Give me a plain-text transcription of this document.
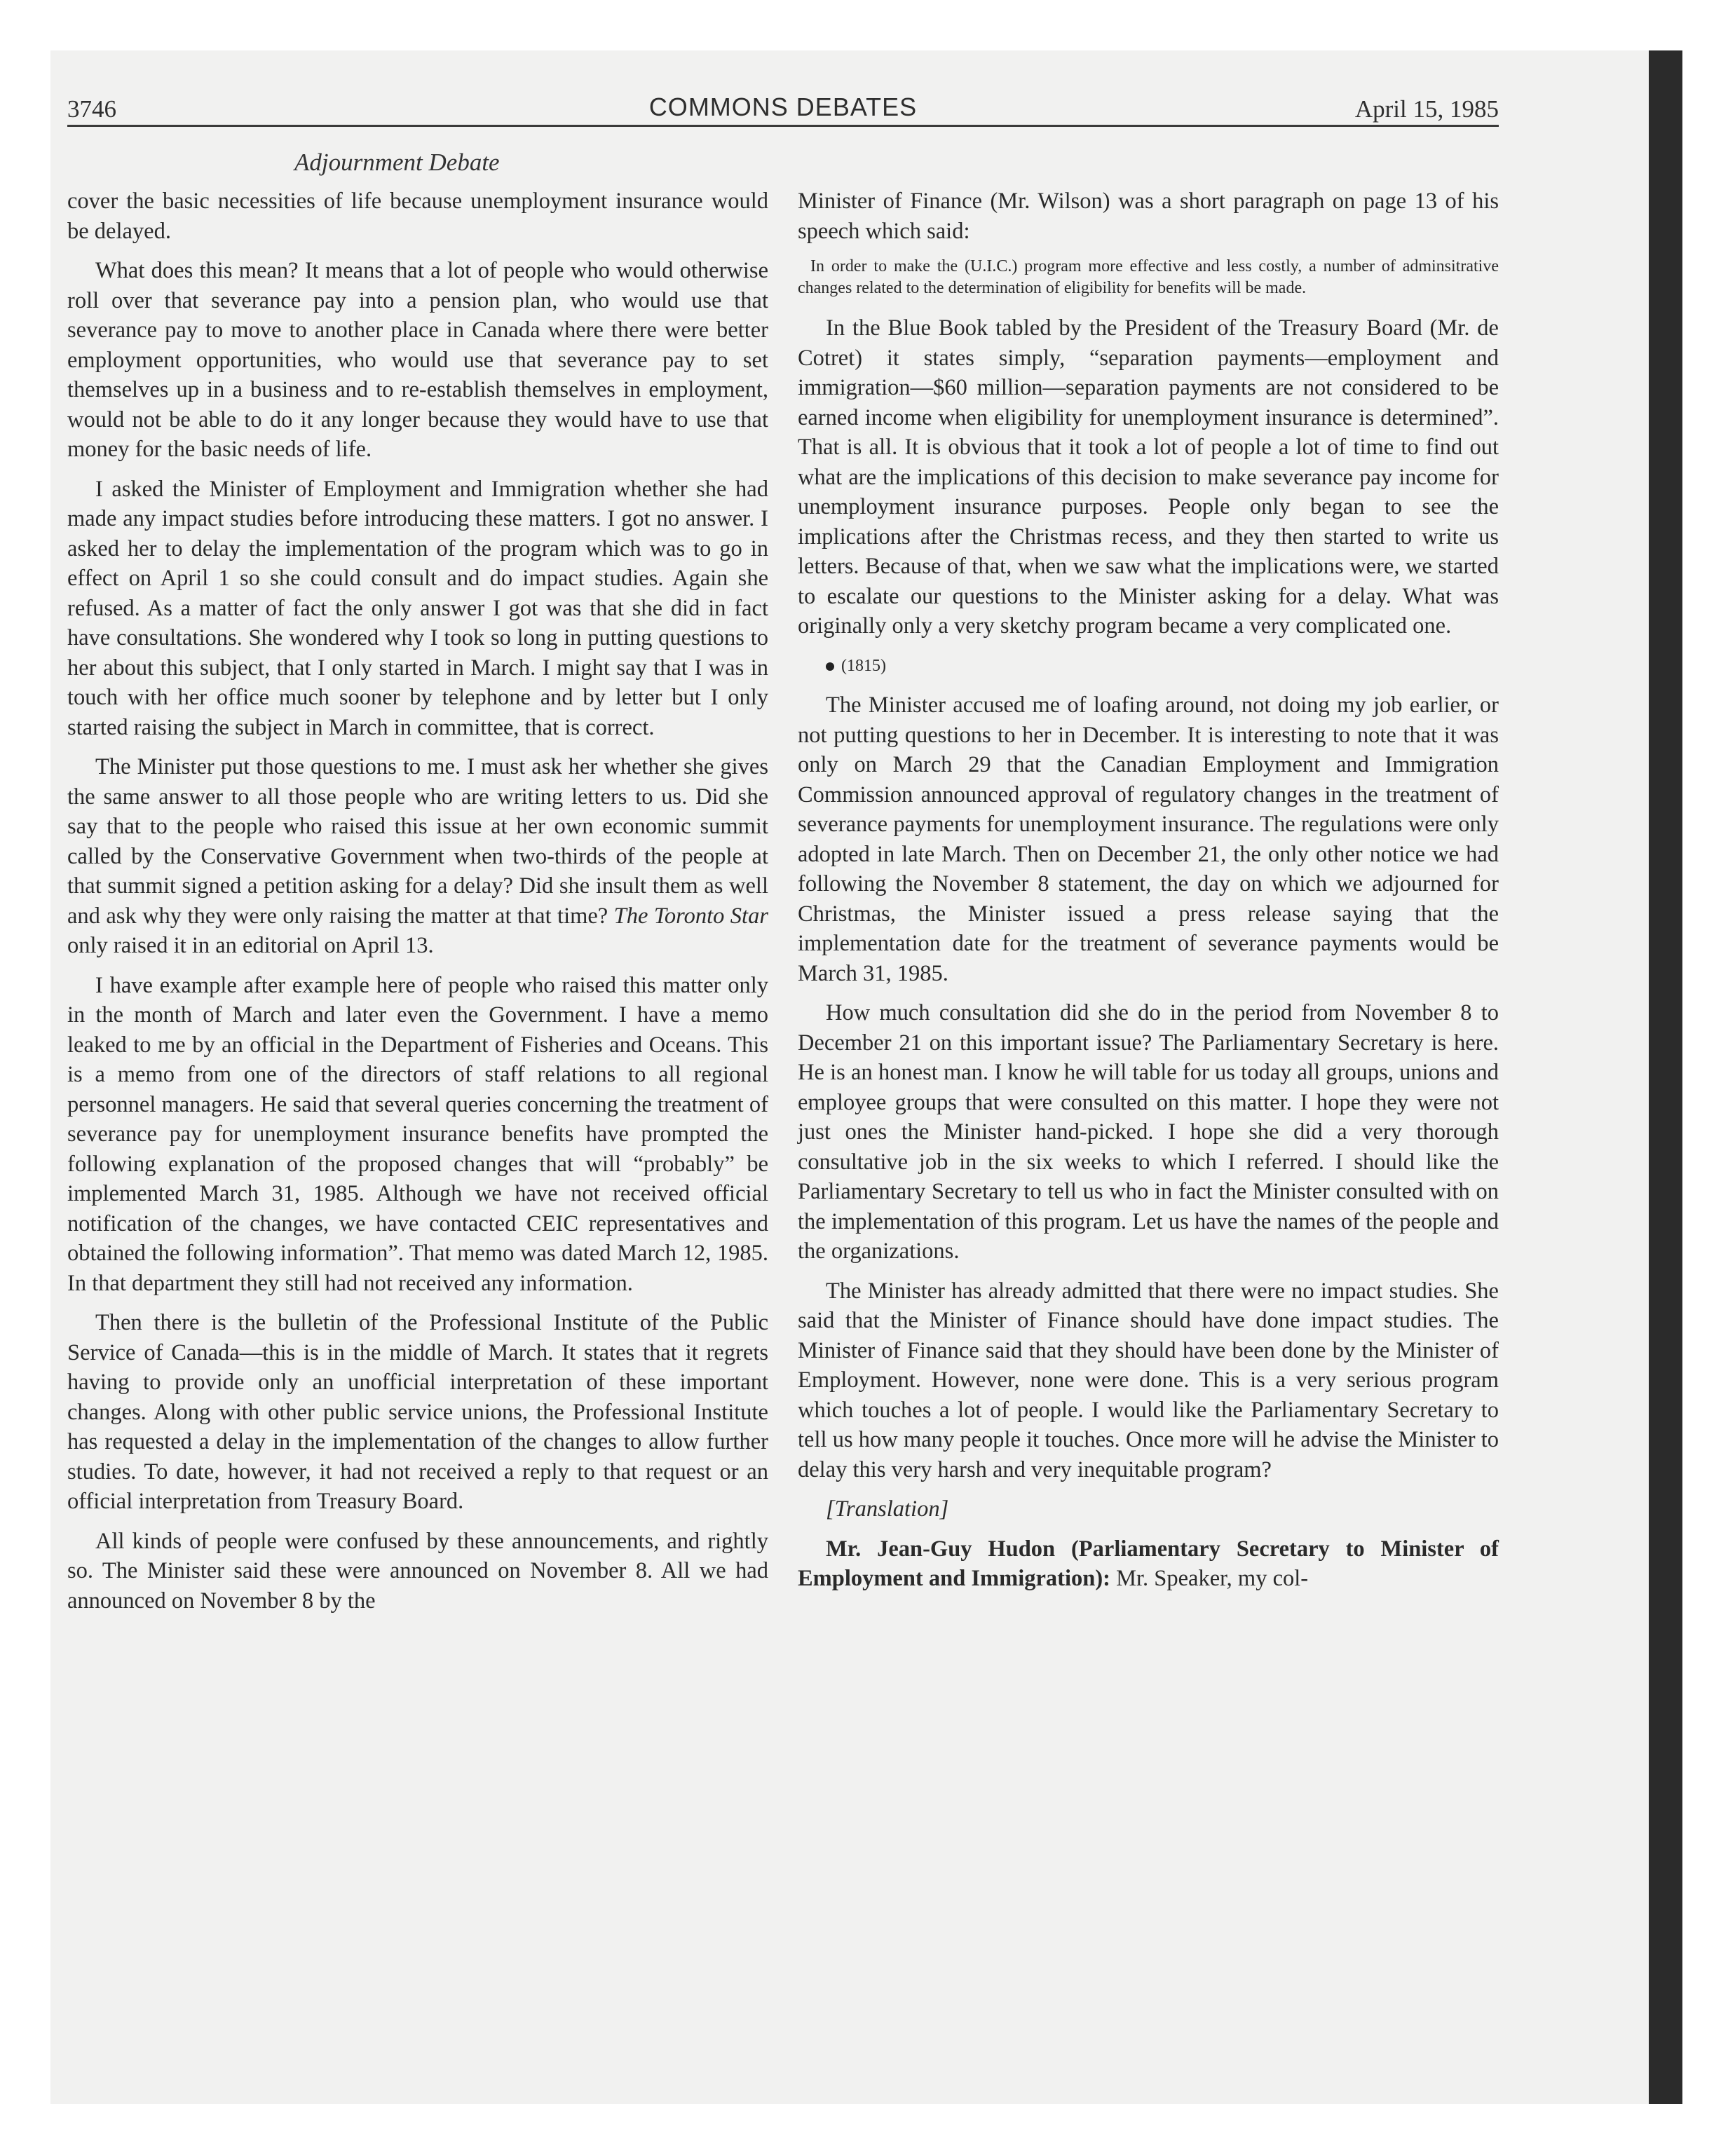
3746	COMMONS DEBATES	April 15, 1985
Adjournment Debate

cover the basic necessities of life because unemployment insurance would be delayed.

What does this mean? It means that a lot of people who would otherwise roll over that severance pay into a pension plan, who would use that severance pay to move to another place in Canada where there were better employment opportunities, who would use that severance pay to set themselves up in a business and to re-establish themselves in employment, would not be able to do it any longer because they would have to use that money for the basic needs of life.

I asked the Minister of Employment and Immigration whether she had made any impact studies before introducing these matters. I got no answer. I asked her to delay the implementation of the program which was to go in effect on April 1 so she could consult and do impact studies. Again she refused. As a matter of fact the only answer I got was that she did in fact have consultations. She wondered why I took so long in putting questions to her about this subject, that I only started in March. I might say that I was in touch with her office much sooner by telephone and by letter but I only started raising the subject in March in committee, that is correct.

The Minister put those questions to me. I must ask her whether she gives the same answer to all those people who are writing letters to us. Did she say that to the people who raised this issue at her own economic summit called by the Conservative Government when two-thirds of the people at that summit signed a petition asking for a delay? Did she insult them as well and ask why they were only raising the matter at that time? The Toronto Star only raised it in an editorial on April 13.

I have example after example here of people who raised this matter only in the month of March and later even the Government. I have a memo leaked to me by an official in the Department of Fisheries and Oceans. This is a memo from one of the directors of staff relations to all regional personnel managers. He said that several queries concerning the treatment of severance pay for unemployment insurance benefits have prompted the following explanation of the proposed changes that will “probably” be implemented March 31, 1985. Although we have not received official notification of the changes, we have contacted CEIC representatives and obtained the following information”. That memo was dated March 12, 1985. In that department they still had not received any information.

Then there is the bulletin of the Professional Institute of the Public Service of Canada—this is in the middle of March. It states that it regrets having to provide only an unofficial interpretation of these important changes. Along with other public service unions, the Professional Institute has requested a delay in the implementation of the changes to allow further studies. To date, however, it had not received a reply to that request or an official interpretation from Treasury Board.

All kinds of people were confused by these announcements, and rightly so. The Minister said these were announced on November 8. All we had announced on November 8 by the

Minister of Finance (Mr. Wilson) was a short paragraph on page 13 of his speech which said:

In order to make the (U.I.C.) program more effective and less costly, a number of adminsitrative changes related to the determination of eligibility for benefits will be made.

In the Blue Book tabled by the President of the Treasury Board (Mr. de Cotret) it states simply, “separation payments—employment and immigration—$60 million—separation payments are not considered to be earned income when eligibility for unemployment insurance is determined”. That is all. It is obvious that it took a lot of people a lot of time to find out what are the implications of this decision to make severance pay income for unemployment insurance purposes. People only began to see the implications after the Christmas recess, and they then started to write us letters. Because of that, when we saw what the implications were, we started to escalate our questions to the Minister asking for a delay. What was originally only a very sketchy program became a very complicated one.

(1815)

The Minister accused me of loafing around, not doing my job earlier, or not putting questions to her in December. It is interesting to note that it was only on March 29 that the Canadian Employment and Immigration Commission announced approval of regulatory changes in the treatment of severance payments for unemployment insurance. The regulations were only adopted in late March. Then on December 21, the only other notice we had following the November 8 statement, the day on which we adjourned for Christmas, the Minister issued a press release saying that the implementation date for the treatment of severance payments would be March 31, 1985.

How much consultation did she do in the period from November 8 to December 21 on this important issue? The Parliamentary Secretary is here. He is an honest man. I know he will table for us today all groups, unions and employee groups that were consulted on this matter. I hope they were not just ones the Minister hand-picked. I hope she did a very thorough consultative job in the six weeks to which I referred. I should like the Parliamentary Secretary to tell us who in fact the Minister consulted with on the implementation of this program. Let us have the names of the people and the organizations.

The Minister has already admitted that there were no impact studies. She said that the Minister of Finance should have done impact studies. The Minister of Finance said that they should have been done by the Minister of Employment. However, none were done. This is a very serious program which touches a lot of people. I would like the Parliamentary Secretary to tell us how many people it touches. Once more will he advise the Minister to delay this very harsh and very inequitable program?

[Translation]

Mr. Jean-Guy Hudon (Parliamentary Secretary to Minister of Employment and Immigration): Mr. Speaker, my col-
